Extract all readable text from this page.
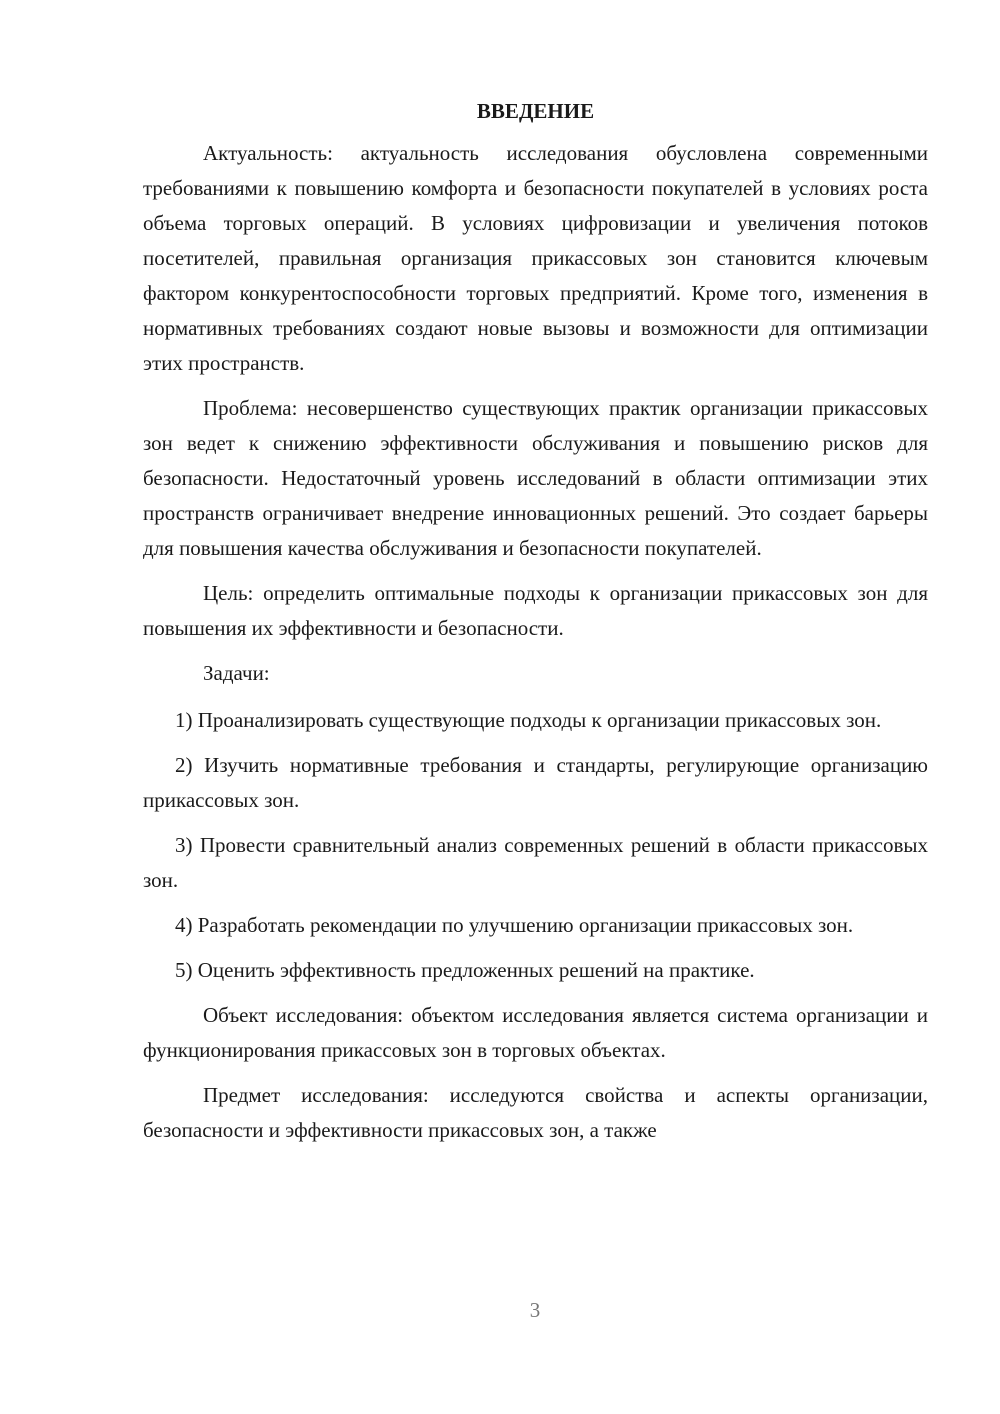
ВВЕДЕНИЕ

Актуальность: актуальность исследования обусловлена современными требованиями к повышению комфорта и безопасности покупателей в условиях роста объема торговых операций. В условиях цифровизации и увеличения потоков посетителей, правильная организация прикассовых зон становится ключевым фактором конкурентоспособности торговых предприятий. Кроме того, изменения в нормативных требованиях создают новые вызовы и возможности для оптимизации этих пространств.

Проблема: несовершенство существующих практик организации прикассовых зон ведет к снижению эффективности обслуживания и повышению рисков для безопасности. Недостаточный уровень исследований в области оптимизации этих пространств ограничивает внедрение инновационных решений. Это создает барьеры для повышения качества обслуживания и безопасности покупателей.

Цель: определить оптимальные подходы к организации прикассовых зон для повышения их эффективности и безопасности.

Задачи:

1) Проанализировать существующие подходы к организации прикассовых зон.

2) Изучить нормативные требования и стандарты, регулирующие организацию прикассовых зон.

3) Провести сравнительный анализ современных решений в области прикассовых зон.

4) Разработать рекомендации по улучшению организации прикассовых зон.

5) Оценить эффективность предложенных решений на практике.

Объект исследования: объектом исследования является система организации и функционирования прикассовых зон в торговых объектах.

Предмет исследования: исследуются свойства и аспекты организации, безопасности и эффективности прикассовых зон, а также

3
